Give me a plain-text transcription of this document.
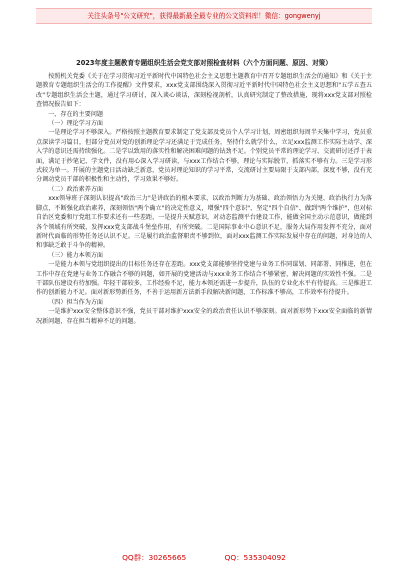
关注头条号"公文研究"，获得最新最全最专业的公文资料库！微信：gongwenyj
2023年度主题教育专题组织生活会党支部对照检查材料（六个方面问题、原因、对策）

按照机关党委《关于在学习贯彻习近平新时代中国特色社会主义思想主题教育中召开专题组织生活会的通知》和《关于主题教育专题组织生活会的工作提醒》文件要求，xxx党支部围绕深入贯彻习近平新时代中国特色社会主义思想和"五学五查五改"专题组织生活会主题，通过学习研讨，深入谈心谈话，深刻检视剖析，认真研究制定了整改措施，现将xxx党支部对照检查情况报告如下：

一、存在的主要问题

（一）理论学习方面

一是理论学习不够深入。严格按照主题教育要求制定了党支部及党员个人学习计划，周密组织每周半天集中学习，党员重点深读学习篇目，但部分党员对党的创新理论学习还满足于完成任务，坚持什么就学什么，立足xxx监测工作实际主动学、深入学的意识还需持续强化。二是学以致用的落实性和解决困难问题的钻劲不足。个别党员平常的理论学习、交流研讨还浮于表面，满足于抄笔记、学文件，没有用心深入学习研读，与xxx工作结合不够，理论与实际脱节，抓落实不够有力。三是学习形式较为单一。开展的主题党日活动缺乏新意，党员对理论知识的学习平常，交流研讨主要局限于支部内部，深度不够，没有充分调动党员干部的积极性和主动性，学习效果不够好。

（二）政治素养方面

xxx领导班子深刻认识提高"政治三力"是讲政治的根本要求，以政治判断力为基础、政治领悟力为关键、政治执行力为落脚点，不断强化政治素养，深刻领悟"两个确立"的决定性意义，增强"四个意识"、坚定"四个自信"、做到"两个维护"，但对标自治区党委和厅党组工作要求还有一些差距，一是提升天赋意识，对动态监测平台建设工作，能做全国主动示范意识，做能到各个领域有所突破，发挥xxx党支部战斗堡垒作用，有所突破。二是国际事业中心意识不足，服务大局作用发挥不充分，面对新时代面临的形势任务还认识不足。三是履行政治监督职责不够到位，面对xxx监测工作实际发展中存在的问题，对身边的人和事缺乏敢于斗争的精神。

（三）能力本领方面

一是能力本领与党组织提出的目标任务还存在差距。xxx党支部能够坚持党建与业务工作同谋划、同部署、同推进，但在工作中存在党建与业务工作融合不够的问题，如开展的党建活动与xxx业务工作结合不够紧密，解决问题的实效性不强。二是干部队伍建设有待加强。年轻干部较多，工作经验不足，能力本领还需进一步提升，队伍的专业化水平有待提高。三是推进工作的创新能力不足。面对新形势新任务，不善于运用新方法新手段解决新问题，工作标准不够高，工作效率有待提升。

（四）担当作为方面

一是维护xxx安全整体意识不强，党员干部对维护xxx安全的政治责任认识不够深刻。面对新形势下xxx安全面临的新情况新问题，存在担当精神不足的问题。

QQ群：30265665	QQ：535304092
